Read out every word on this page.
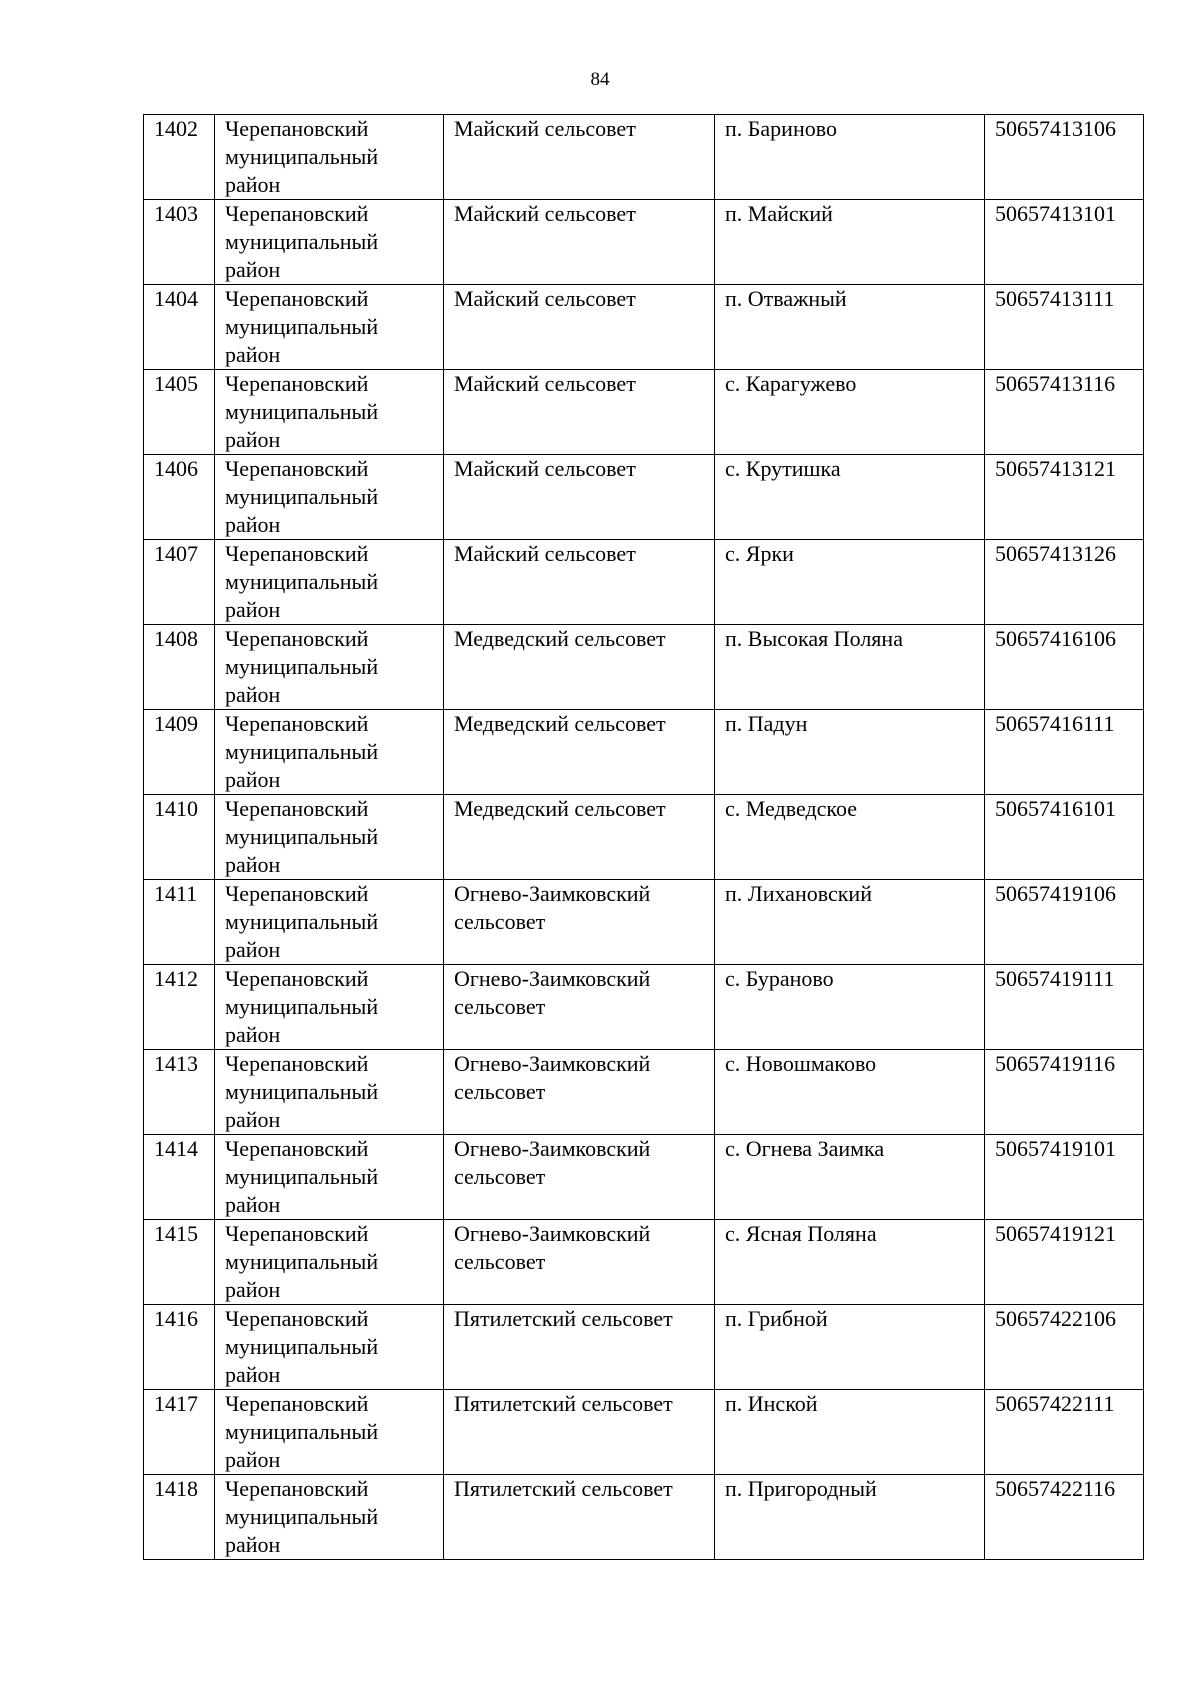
84
1402	Черепановский муниципальный район	Майский сельсовет	п. Бариново	50657413106
1403	Черепановский муниципальный район	Майский сельсовет	п. Майский	50657413101
1404	Черепановский муниципальный район	Майский сельсовет	п. Отважный	50657413111
1405	Черепановский муниципальный район	Майский сельсовет	с. Карагужево	50657413116
1406	Черепановский муниципальный район	Майский сельсовет	с. Крутишка	50657413121
1407	Черепановский муниципальный район	Майский сельсовет	с. Ярки	50657413126
1408	Черепановский муниципальный район	Медведский сельсовет	п. Высокая Поляна	50657416106
1409	Черепановский муниципальный район	Медведский сельсовет	п. Падун	50657416111
1410	Черепановский муниципальный район	Медведский сельсовет	с. Медведское	50657416101
1411	Черепановский муниципальный район	Огнево-Заимковский сельсовет	п. Лихановский	50657419106
1412	Черепановский муниципальный район	Огнево-Заимковский сельсовет	с. Бураново	50657419111
1413	Черепановский муниципальный район	Огнево-Заимковский сельсовет	с. Новошмаково	50657419116
1414	Черепановский муниципальный район	Огнево-Заимковский сельсовет	с. Огнева Заимка	50657419101
1415	Черепановский муниципальный район	Огнево-Заимковский сельсовет	с. Ясная Поляна	50657419121
1416	Черепановский муниципальный район	Пятилетский сельсовет	п. Грибной	50657422106
1417	Черепановский муниципальный район	Пятилетский сельсовет	п. Инской	50657422111
1418	Черепановский муниципальный район	Пятилетский сельсовет	п. Пригородный	50657422116
